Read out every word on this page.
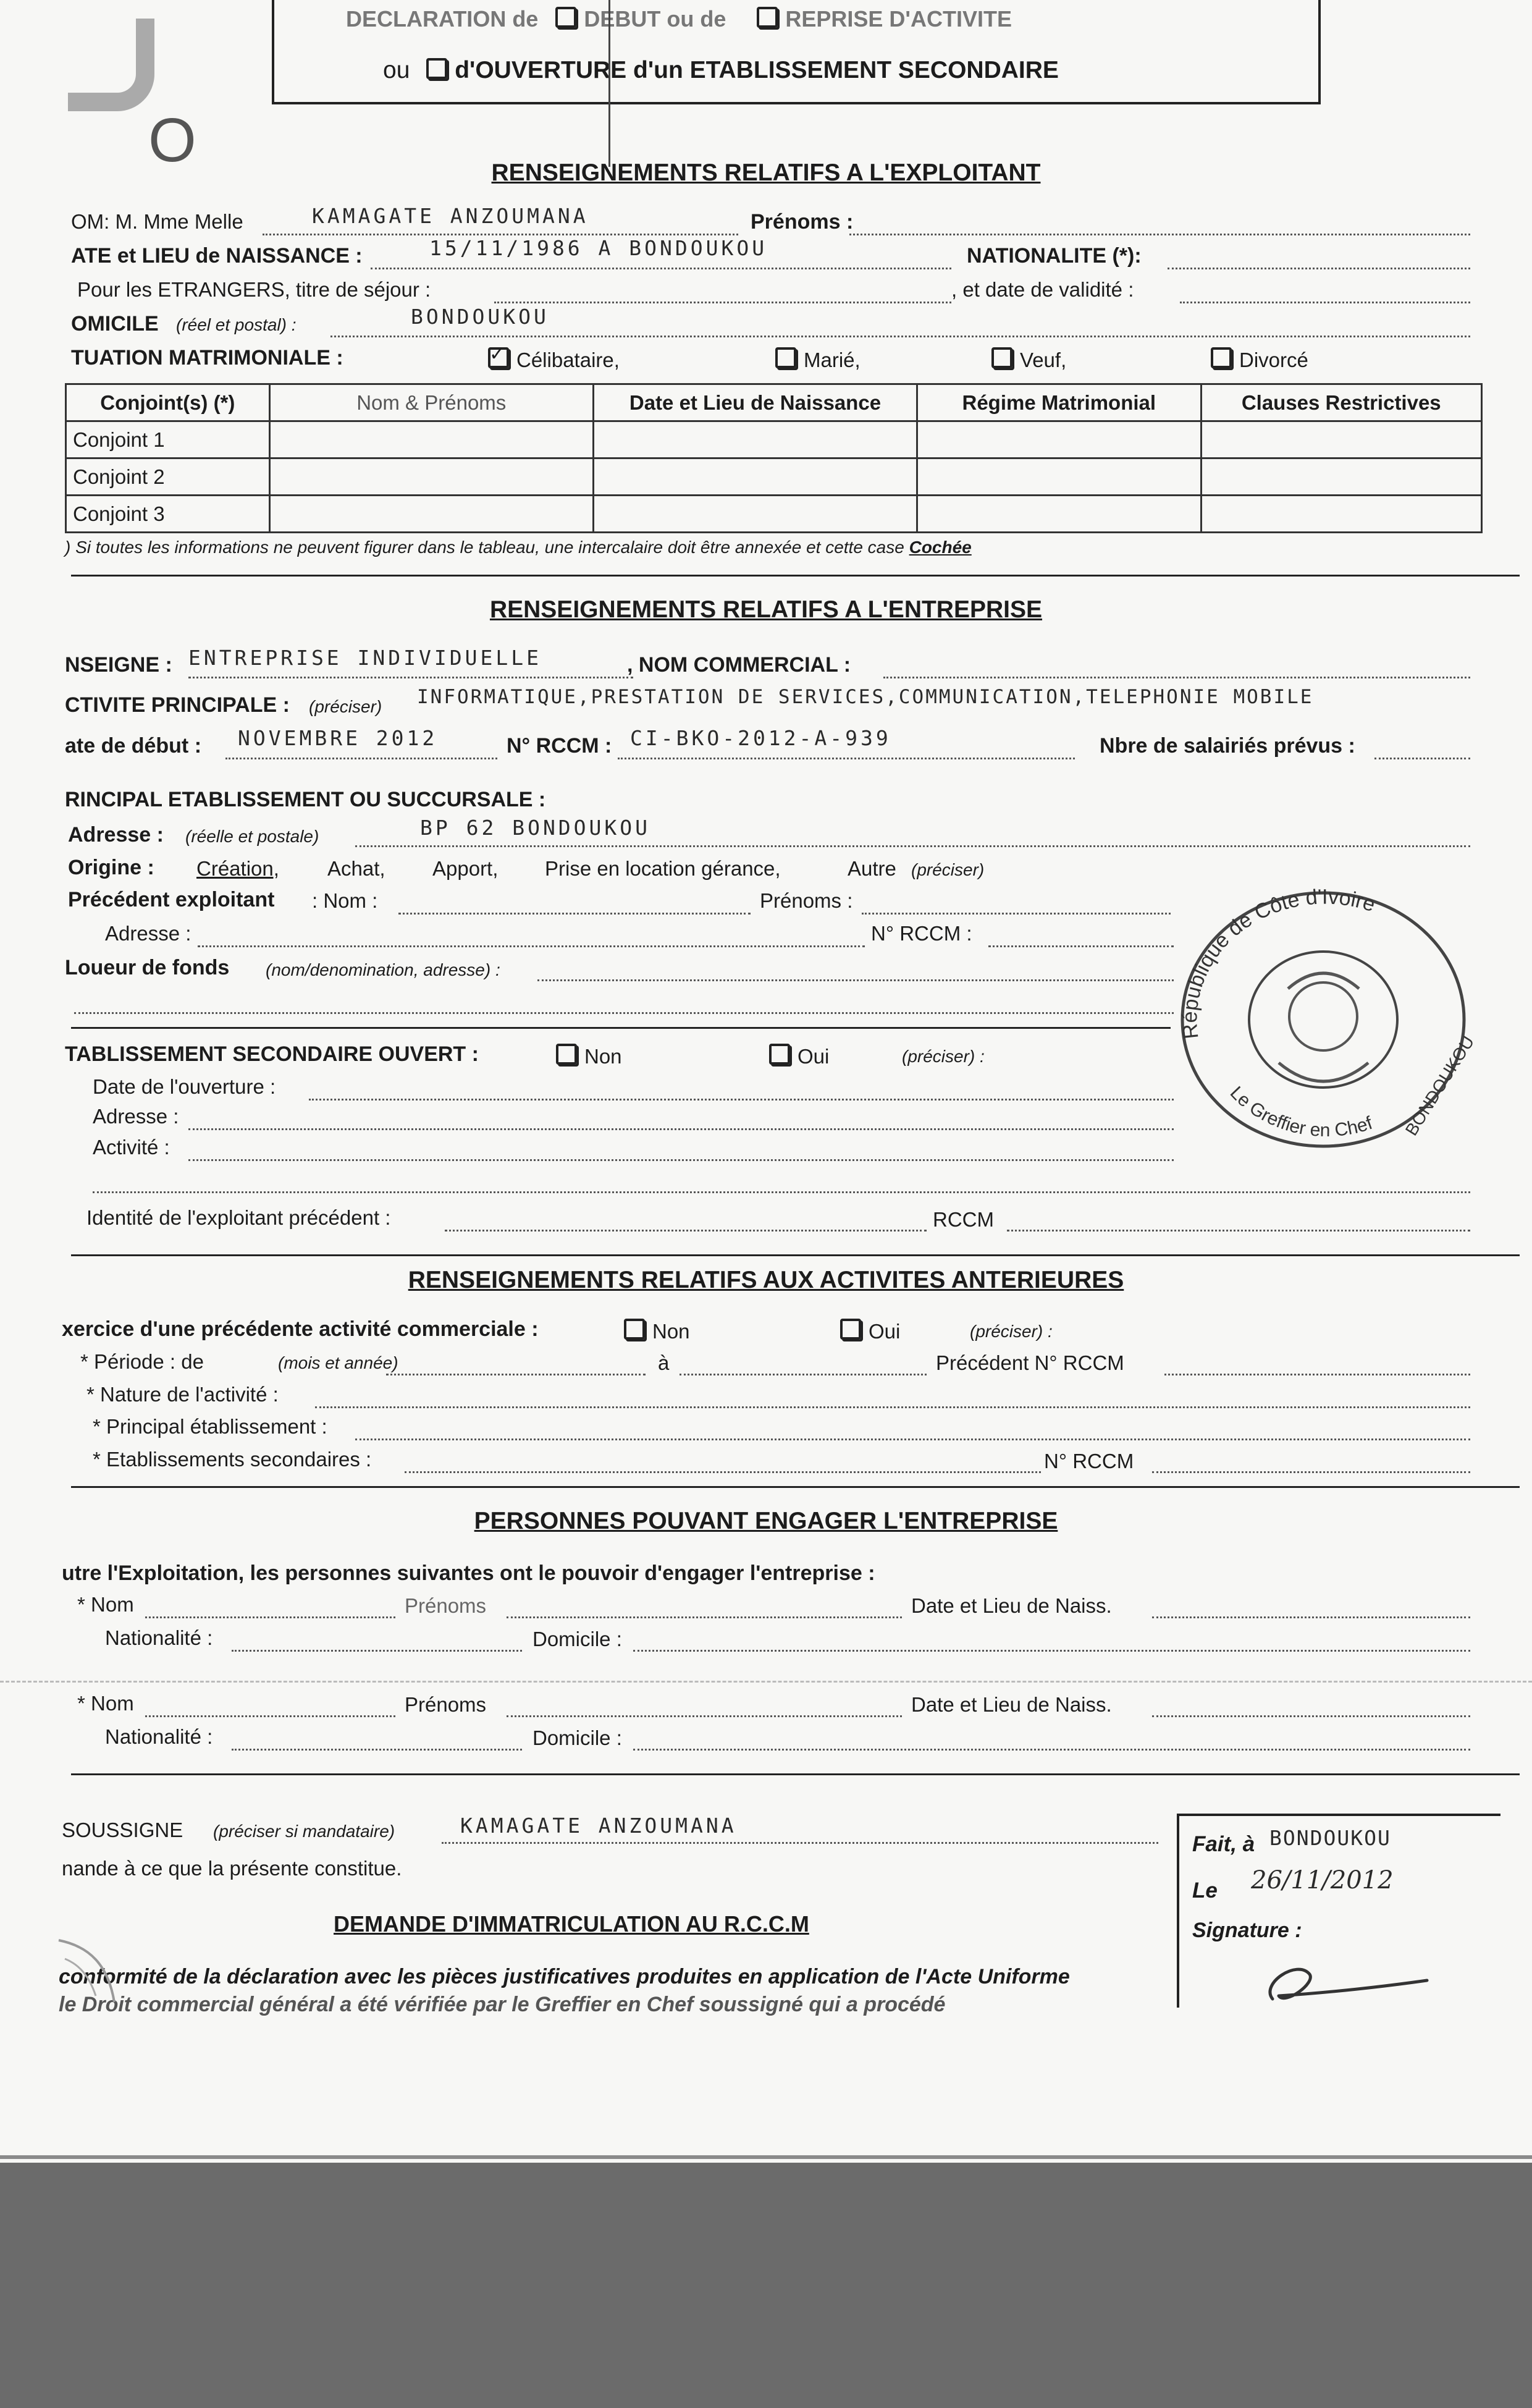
DECLARATION de DEBUT ou de	REPRISE D'ACTIVITE
ou d'OUVERTURE d'un ETABLISSEMENT SECONDAIRE
O	RENSEIGNEMENTS RELATIFS A L'EXPLOITANT
OM: M. Mme Melle	KAMAGATE ANZOUMANA	Prénoms :
ATE et LIEU de NAISSANCE :	15/11/1986 A BONDOUKOU	NATIONALITE (*):
Pour les ETRANGERS, titre de séjour :	, et date de validité :
OMICILE (réel et postal) :	BONDOUKOU
TUATION MATRIMONIALE : ✓	Célibataire,	Marié,	Veuf,	Divorcé
Conjoint(s) (*)	Nom & Prénoms	Date et Lieu de Naissance	Régime Matrimonial	Clauses Restrictives
Conjoint 1				
Conjoint 2				
Conjoint 3				
) Si toutes les informations ne peuvent figurer dans le tableau, une intercalaire doit être annexée et cette case Cochée
RENSEIGNEMENTS RELATIFS A L'ENTREPRISE
NSEIGNE : ENTREPRISE INDIVIDUELLE	, NOM COMMERCIAL :
CTIVITE PRINCIPALE : (préciser) INFORMATIQUE,PRESTATION DE SERVICES,COMMUNICATION,TELEPHONIE MOBILE
ate de début : NOVEMBRE 2012	N° RCCM : CI-BKO-2012-A-939	Nbre de salairiés prévus :
RINCIPAL ETABLISSEMENT OU SUCCURSALE :
Adresse : (réelle et postale)	BP 62 BONDOUKOU
Origine : Création, Achat, Apport, Prise en location gérance,	Autre (préciser)
Précédent exploitant : Nom :	Prénoms :
Adresse :	N° RCCM :
Loueur de fonds (nom/denomination, adresse) :
TABLISSEMENT SECONDAIRE OUVERT :	Non	Oui	(préciser) :
Date de l'ouverture :
Adresse :
Activité :
Identité de l'exploitant précédent :	RCCM
République de Côte d'Ivoire
Le Greffier en Chef BONDOUKOU
RENSEIGNEMENTS RELATIFS AUX ACTIVITES ANTERIEURES
xercice d'une précédente activité commerciale :	Non	Oui	(préciser) :
* Période : de	(mois et année)	à	Précédent N° RCCM
* Nature de l'activité :
* Principal établissement :
* Etablissements secondaires :	N° RCCM
PERSONNES POUVANT ENGAGER L'ENTREPRISE
utre l'Exploitation, les personnes suivantes ont le pouvoir d'engager l'entreprise :
* Nom	Prénoms	Date et Lieu de Naiss.
Nationalité :	Domicile :
* Nom	Prénoms	Date et Lieu de Naiss.
Nationalité :	Domicile :
SOUSSIGNE (préciser si mandataire)	KAMAGATE ANZOUMANA
nande à ce que la présente constitue.
DEMANDE D'IMMATRICULATION AU R.C.C.M
conformité de la déclaration avec les pièces justificatives produites en application de l'Acte Uniforme
le Droit commercial général a été vérifiée par le Greffier en Chef soussigné qui a procédé
Fait, à BONDOUKOU
Le 26/11/2012
Signature :
